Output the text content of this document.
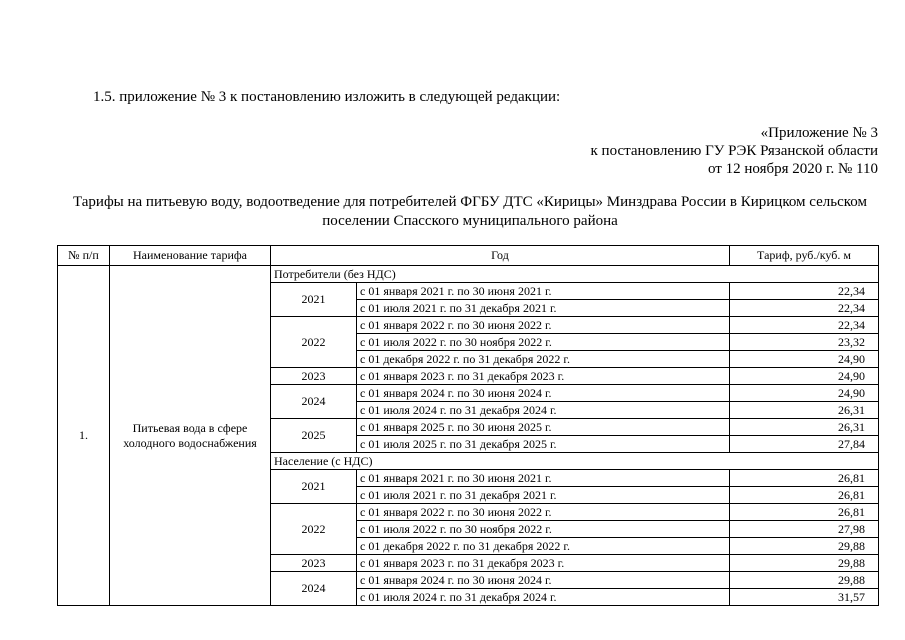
1.5. приложение № 3 к постановлению изложить в следующей редакции:
«Приложение № 3
к постановлению ГУ РЭК Рязанской области
от 12 ноября 2020 г. № 110
Тарифы на питьевую воду, водоотведение для потребителей ФГБУ ДТС «Кирицы» Минздрава России в Кирицком сельском
поселении Спасского муниципального района
№ п/п	Наименование тарифа	Год		Тариф, руб./куб. м
1.	Питьевая вода в сфере холодного водоснабжения	Потребители (без НДС)		
		2021	с 01 января 2021 г. по 30 июня 2021 г.	22,34
			с 01 июля 2021 г. по 31 декабря 2021 г.	22,34
		2022	с 01 января 2022 г. по 30 июня 2022 г.	22,34
			с 01 июля 2022 г. по 30 ноября 2022 г.	23,32
			с 01 декабря 2022 г. по 31 декабря 2022 г.	24,90
		2023	с 01 января 2023 г. по 31 декабря 2023 г.	24,90
		2024	с 01 января 2024 г. по 30 июня 2024 г.	24,90
			с 01 июля 2024 г. по 31 декабря 2024 г.	26,31
		2025	с 01 января 2025 г. по 30 июня 2025 г.	26,31
			с 01 июля 2025 г. по 31 декабря 2025 г.	27,84
		Население (с НДС)		
		2021	с 01 января 2021 г. по 30 июня 2021 г.	26,81
			с 01 июля 2021 г. по 31 декабря 2021 г.	26,81
		2022	с 01 января 2022 г. по 30 июня 2022 г.	26,81
			с 01 июля 2022 г. по 30 ноября 2022 г.	27,98
			с 01 декабря 2022 г. по 31 декабря 2022 г.	29,88
		2023	с 01 января 2023 г. по 31 декабря 2023 г.	29,88
		2024	с 01 января 2024 г. по 30 июня 2024 г.	29,88
			с 01 июля 2024 г. по 31 декабря 2024 г.	31,57
